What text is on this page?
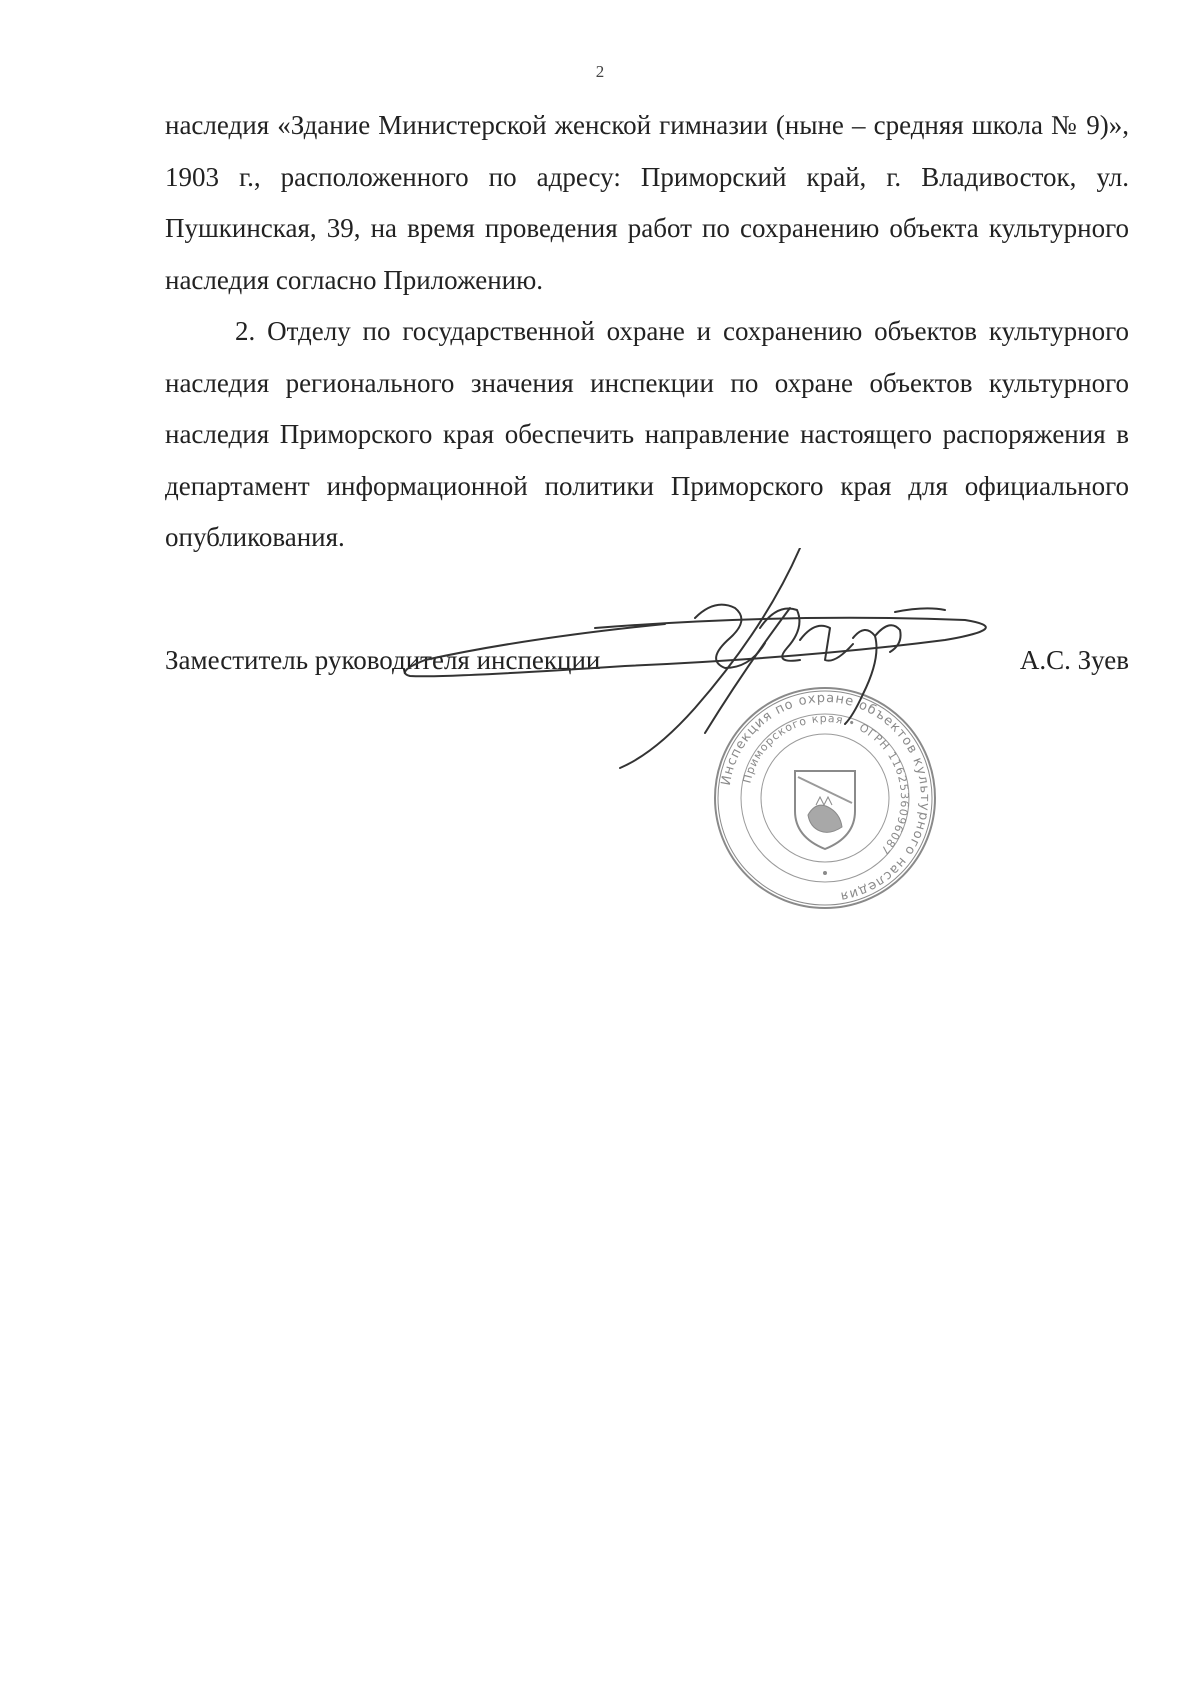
2

наследия «Здание Министерской женской гимназии (ныне – средняя школа № 9)», 1903 г., расположенного по адресу: Приморский край, г. Владивосток, ул. Пушкинская, 39, на время проведения работ по сохранению объекта культурного наследия согласно Приложению.

2. Отделу по государственной охране и сохранению объектов культурного наследия регионального значения инспекции по охране объектов культурного наследия Приморского края обеспечить направление настоящего распоряжения в департамент информационной политики Приморского края для официального опубликования.

Заместитель руководителя инспекции	А.С. Зуев
Инспекция по охране объектов культурного наследия
Приморского края • ОГРН 1162536096087
